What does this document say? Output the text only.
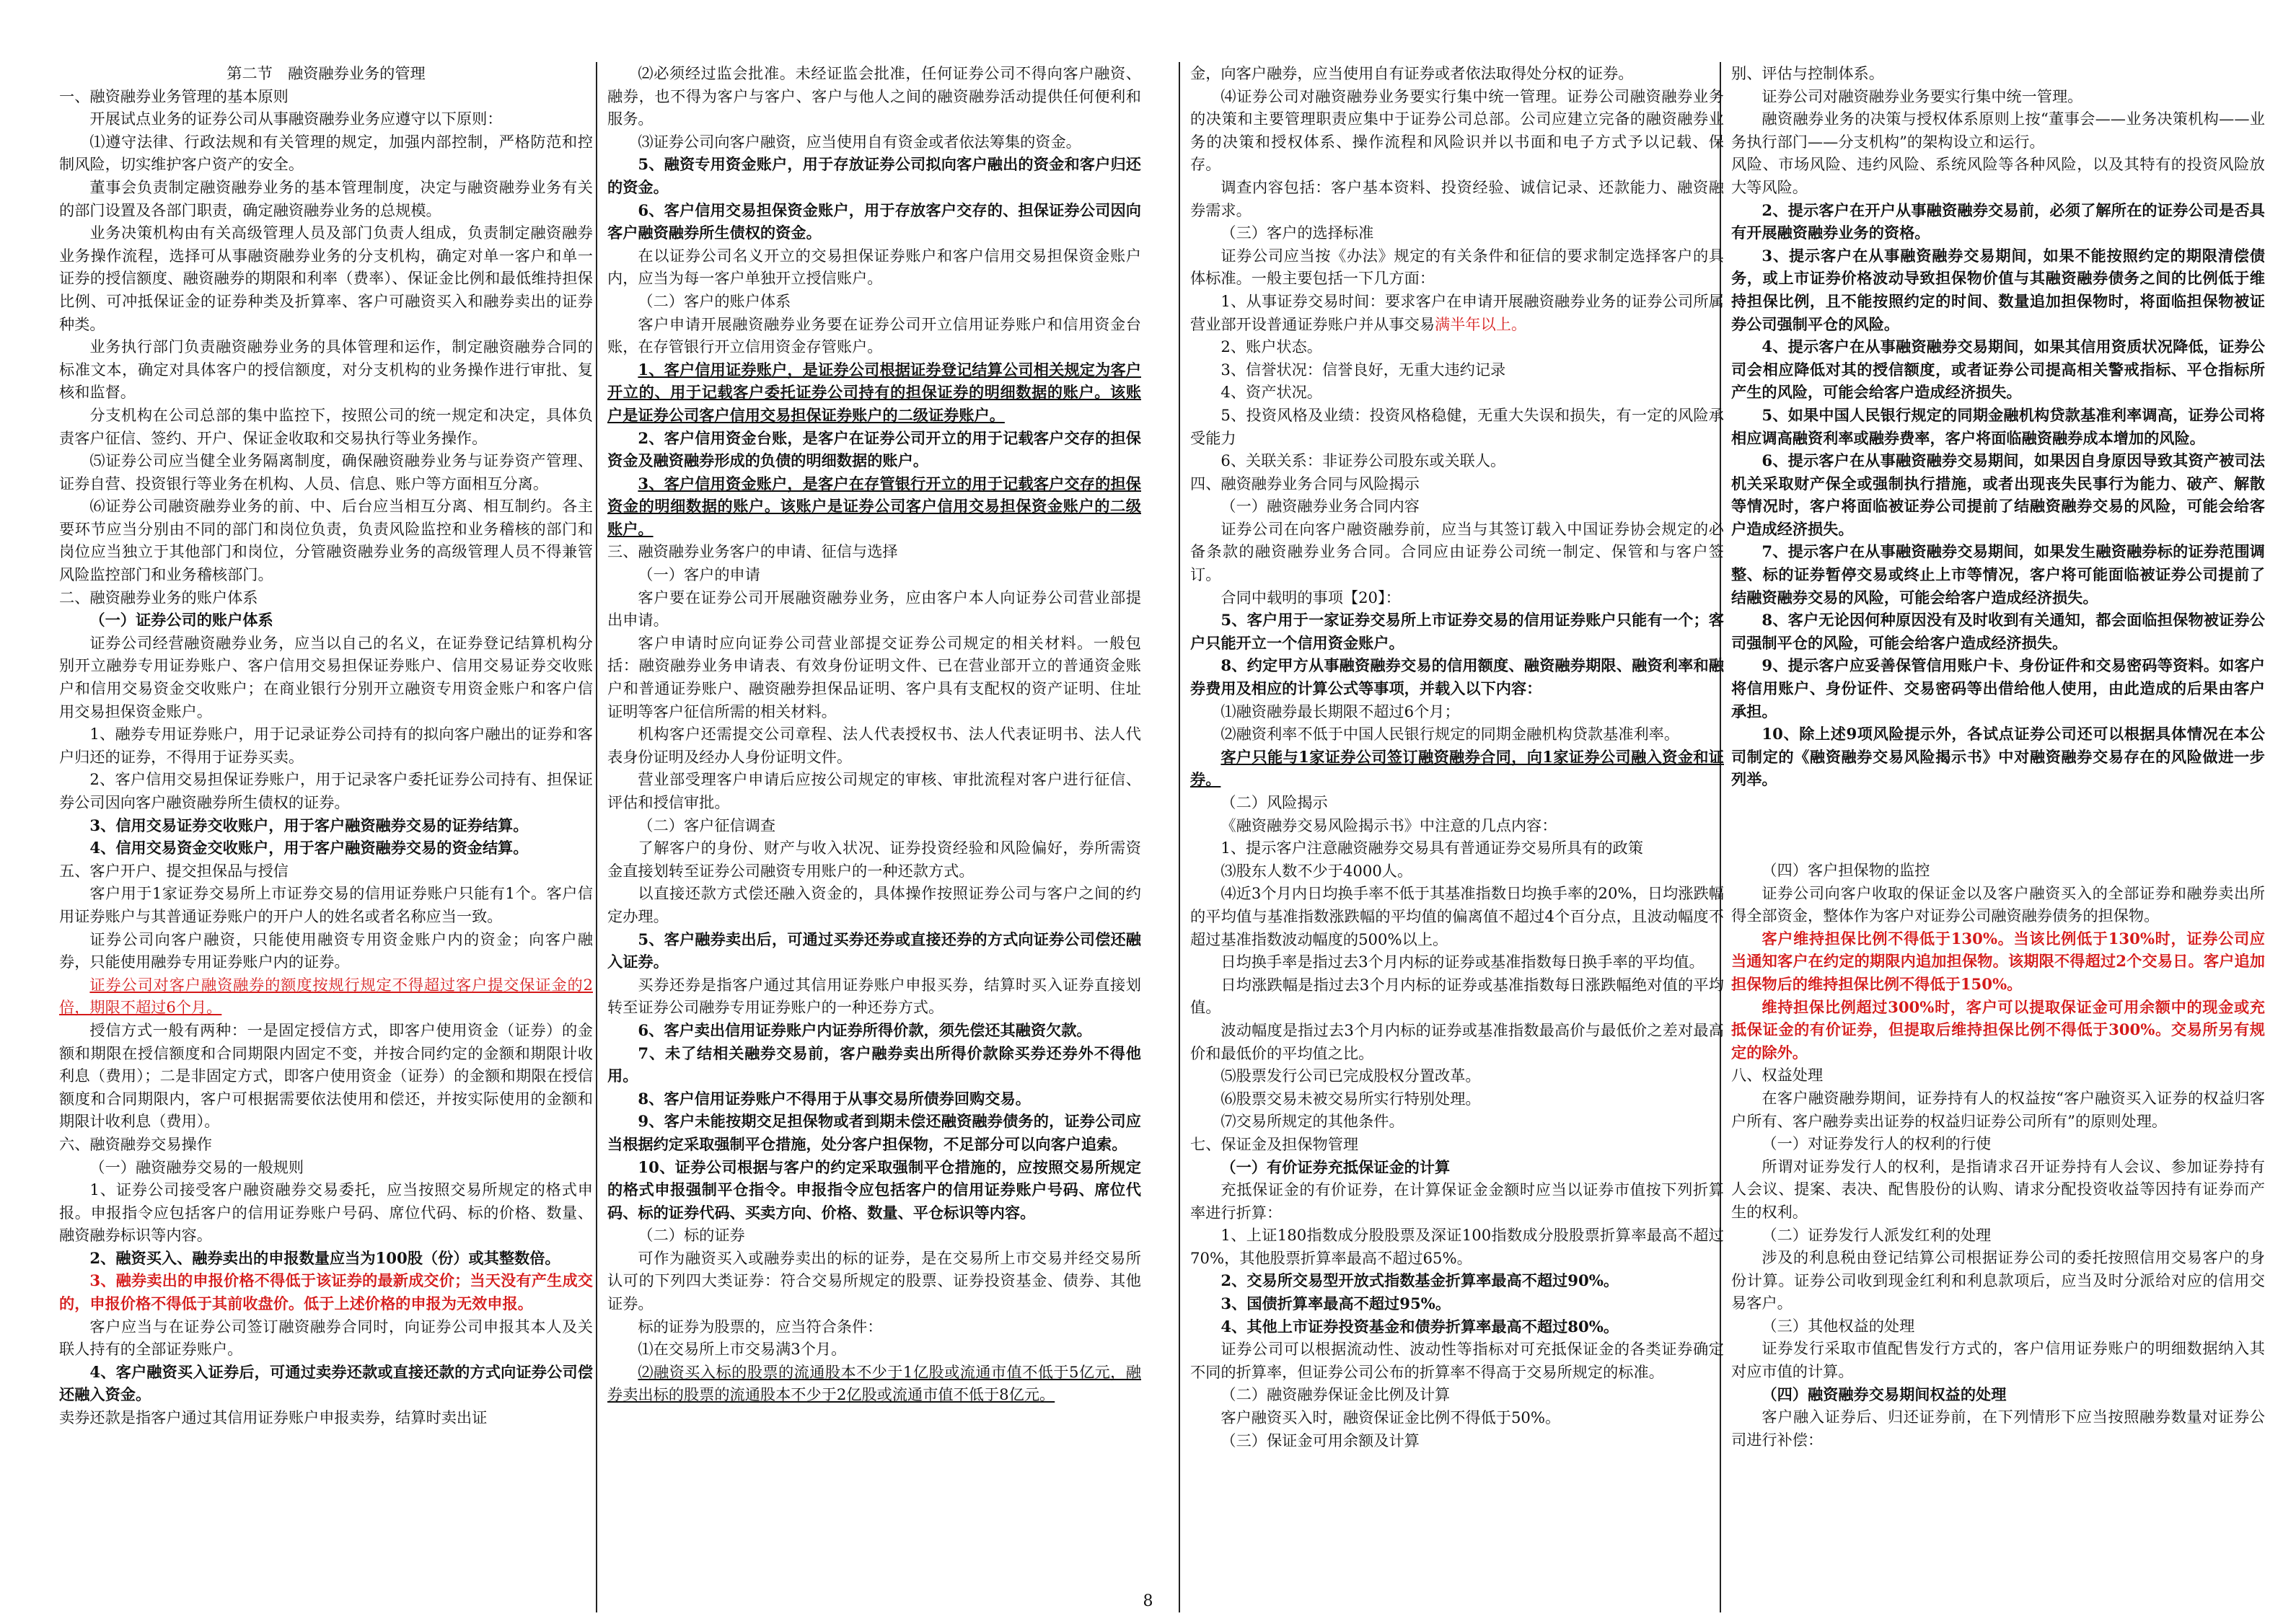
第二节　融资融券业务的管理

一、融资融券业务管理的基本原则

开展试点业务的证券公司从事融资融券业务应遵守以下原则：

⑴遵守法律、行政法规和有关管理的规定，加强内部控制，严格防范和控制风险，切实维护客户资产的安全。

董事会负责制定融资融券业务的基本管理制度，决定与融资融券业务有关的部门设置及各部门职责，确定融资融券业务的总规模。

业务决策机构由有关高级管理人员及部门负责人组成，负责制定融资融券业务操作流程，选择可从事融资融券业务的分支机构，确定对单一客户和单一证券的授信额度、融资融券的期限和利率（费率）、保证金比例和最低维持担保比例、可冲抵保证金的证券种类及折算率、客户可融资买入和融券卖出的证券种类。

业务执行部门负责融资融券业务的具体管理和运作，制定融资融券合同的标准文本，确定对具体客户的授信额度，对分支机构的业务操作进行审批、复核和监督。

分支机构在公司总部的集中监控下，按照公司的统一规定和决定，具体负责客户征信、签约、开户、保证金收取和交易执行等业务操作。

⑸证券公司应当健全业务隔离制度，确保融资融券业务与证券资产管理、证券自营、投资银行等业务在机构、人员、信息、账户等方面相互分离。

⑹证券公司融资融券业务的前、中、后台应当相互分离、相互制约。各主要环节应当分别由不同的部门和岗位负责，负责风险监控和业务稽核的部门和岗位应当独立于其他部门和岗位，分管融资融券业务的高级管理人员不得兼管风险监控部门和业务稽核部门。

二、融资融券业务的账户体系

（一）证券公司的账户体系

证券公司经营融资融券业务，应当以自己的名义，在证券登记结算机构分别开立融券专用证券账户、客户信用交易担保证券账户、信用交易证券交收账户和信用交易资金交收账户；在商业银行分别开立融资专用资金账户和客户信用交易担保资金账户。

1、融券专用证券账户，用于记录证券公司持有的拟向客户融出的证券和客户归还的证券，不得用于证券买卖。

2、客户信用交易担保证券账户，用于记录客户委托证券公司持有、担保证券公司因向客户融资融券所生债权的证券。

3、信用交易证券交收账户，用于客户融资融券交易的证券结算。

4、信用交易资金交收账户，用于客户融资融券交易的资金结算。

五、客户开户、提交担保品与授信

客户用于1家证券交易所上市证券交易的信用证券账户只能有1个。客户信用证券账户与其普通证券账户的开户人的姓名或者名称应当一致。

证券公司向客户融资，只能使用融资专用资金账户内的资金；向客户融券，只能使用融券专用证券账户内的证券。

证券公司对客户融资融券的额度按规行规定不得超过客户提交保证金的2倍，期限不超过6个月。

授信方式一般有两种：一是固定授信方式，即客户使用资金（证券）的金额和期限在授信额度和合同期限内固定不变，并按合同约定的金额和期限计收利息（费用）；二是非固定方式，即客户使用资金（证券）的金额和期限在授信额度和合同期限内，客户可根据需要依法使用和偿还，并按实际使用的金额和期限计收利息（费用）。

六、融资融券交易操作

（一）融资融券交易的一般规则

1、证券公司接受客户融资融券交易委托，应当按照交易所规定的格式申报。申报指令应包括客户的信用证券账户号码、席位代码、标的价格、数量、融资融券标识等内容。

2、融资买入、融券卖出的申报数量应当为100股（份）或其整数倍。

3、融券卖出的申报价格不得低于该证券的最新成交价；当天没有产生成交的，申报价格不得低于其前收盘价。低于上述价格的申报为无效申报。

客户应当与在证券公司签订融资融券合同时，向证券公司申报其本人及关联人持有的全部证券账户。

4、客户融资买入证券后，可通过卖券还款或直接还款的方式向证券公司偿还融入资金。

卖券还款是指客户通过其信用证券账户申报卖券，结算时卖出证

⑵必须经过监会批准。未经证监会批准，任何证券公司不得向客户融资、融券，也不得为客户与客户、客户与他人之间的融资融券活动提供任何便利和服务。

⑶证券公司向客户融资，应当使用自有资金或者依法筹集的资金。

5、融资专用资金账户，用于存放证券公司拟向客户融出的资金和客户归还的资金。

6、客户信用交易担保资金账户，用于存放客户交存的、担保证券公司因向客户融资融券所生债权的资金。

在以证券公司名义开立的交易担保证券账户和客户信用交易担保资金账户内，应当为每一客户单独开立授信账户。

（二）客户的账户体系

客户申请开展融资融券业务要在证券公司开立信用证券账户和信用资金台账，在存管银行开立信用资金存管账户。

1、客户信用证券账户，是证券公司根据证券登记结算公司相关规定为客户开立的、用于记载客户委托证券公司持有的担保证券的明细数据的账户。该账户是证券公司客户信用交易担保证券账户的二级证券账户。

2、客户信用资金台账，是客户在证券公司开立的用于记载客户交存的担保资金及融资融券形成的负债的明细数据的账户。

3、客户信用资金账户，是客户在存管银行开立的用于记载客户交存的担保资金的明细数据的账户。该账户是证券公司客户信用交易担保资金账户的二级账户。

三、融资融券业务客户的申请、征信与选择

（一）客户的申请

客户要在证券公司开展融资融券业务，应由客户本人向证券公司营业部提出申请。

客户申请时应向证券公司营业部提交证券公司规定的相关材料。一般包括：融资融券业务申请表、有效身份证明文件、已在营业部开立的普通资金账户和普通证券账户、融资融券担保品证明、客户具有支配权的资产证明、住址证明等客户征信所需的相关材料。

机构客户还需提交公司章程、法人代表授权书、法人代表证明书、法人代表身份证明及经办人身份证明文件。

营业部受理客户申请后应按公司规定的审核、审批流程对客户进行征信、评估和授信审批。

（二）客户征信调查

了解客户的身份、财产与收入状况、证券投资经验和风险偏好，券所需资金直接划转至证券公司融资专用账户的一种还款方式。

以直接还款方式偿还融入资金的，具体操作按照证券公司与客户之间的约定办理。

5、客户融券卖出后，可通过买券还券或直接还券的方式向证券公司偿还融入证券。

买券还券是指客户通过其信用证券账户申报买券，结算时买入证券直接划转至证券公司融券专用证券账户的一种还券方式。

6、客户卖出信用证券账户内证券所得价款，须先偿还其融资欠款。

7、未了结相关融券交易前，客户融券卖出所得价款除买券还券外不得他用。

8、客户信用证券账户不得用于从事交易所债券回购交易。

9、客户未能按期交足担保物或者到期未偿还融资融券债务的，证券公司应当根据约定采取强制平仓措施，处分客户担保物，不足部分可以向客户追索。

10、证券公司根据与客户的约定采取强制平仓措施的，应按照交易所规定的格式申报强制平仓指令。申报指令应包括客户的信用证券账户号码、席位代码、标的证券代码、买卖方向、价格、数量、平仓标识等内容。

（二）标的证券

可作为融资买入或融券卖出的标的证券，是在交易所上市交易并经交易所认可的下列四大类证券：符合交易所规定的股票、证券投资基金、债券、其他证券。

标的证券为股票的，应当符合条件：

⑴在交易所上市交易满3个月。

⑵融资买入标的股票的流通股本不少于1亿股或流通市值不低于5亿元，融券卖出标的股票的流通股本不少于2亿股或流通市值不低于8亿元。

金，向客户融券，应当使用自有证券或者依法取得处分权的证券。

⑷证券公司对融资融券业务要实行集中统一管理。证券公司融资融券业务的决策和主要管理职责应集中于证券公司总部。公司应建立完备的融资融券业务的决策和授权体系、操作流程和风险识并以书面和电子方式予以记载、保存。

调查内容包括：客户基本资料、投资经验、诚信记录、还款能力、融资融券需求。

（三）客户的选择标准

证券公司应当按《办法》规定的有关条件和征信的要求制定选择客户的具体标准。一般主要包括一下几方面：

1、从事证券交易时间：要求客户在申请开展融资融券业务的证券公司所属营业部开设普通证券账户并从事交易满半年以上。

2、账户状态。

3、信誉状况：信誉良好，无重大违约记录

4、资产状况。

5、投资风格及业绩：投资风格稳健，无重大失误和损失，有一定的风险承受能力

6、关联关系：非证券公司股东或关联人。

四、融资融券业务合同与风险揭示

（一）融资融券业务合同内容

证券公司在向客户融资融券前，应当与其签订载入中国证券协会规定的必备条款的融资融券业务合同。合同应由证券公司统一制定、保管和与客户签订。

合同中载明的事项【20】：

5、客户用于一家证券交易所上市证券交易的信用证券账户只能有一个；客户只能开立一个信用资金账户。

8、约定甲方从事融资融券交易的信用额度、融资融券期限、融资利率和融券费用及相应的计算公式等事项，并载入以下内容：

⑴融资融券最长期限不超过6个月；

⑵融资利率不低于中国人民银行规定的同期金融机构贷款基准利率。

客户只能与1家证券公司签订融资融券合同，向1家证券公司融入资金和证券。

（二）风险揭示

《融资融券交易风险揭示书》中注意的几点内容：

1、提示客户注意融资融券交易具有普通证券交易所具有的政策

⑶股东人数不少于4000人。

⑷近3个月内日均换手率不低于其基准指数日均换手率的20%，日均涨跌幅的平均值与基准指数涨跌幅的平均值的偏离值不超过4个百分点，且波动幅度不超过基准指数波动幅度的500%以上。

日均换手率是指过去3个月内标的证券或基准指数每日换手率的平均值。

日均涨跌幅是指过去3个月内标的证券或基准指数每日涨跌幅绝对值的平均值。

波动幅度是指过去3个月内标的证券或基准指数最高价与最低价之差对最高价和最低价的平均值之比。

⑸股票发行公司已完成股权分置改革。

⑹股票交易未被交易所实行特别处理。

⑺交易所规定的其他条件。

七、保证金及担保物管理

（一）有价证券充抵保证金的计算

充抵保证金的有价证券，在计算保证金金额时应当以证券市值按下列折算率进行折算：

1、上证180指数成分股股票及深证100指数成分股股票折算率最高不超过70%，其他股票折算率最高不超过65%。

2、交易所交易型开放式指数基金折算率最高不超过90%。

3、国债折算率最高不超过95%。

4、其他上市证券投资基金和债券折算率最高不超过80%。

证券公司可以根据流动性、波动性等指标对可充抵保证金的各类证券确定不同的折算率，但证券公司公布的折算率不得高于交易所规定的标准。

（二）融资融券保证金比例及计算

客户融资买入时，融资保证金比例不得低于50%。

（三）保证金可用余额及计算

别、评估与控制体系。

证券公司对融资融券业务要实行集中统一管理。

融资融券业务的决策与授权体系原则上按“董事会——业务决策机构——业务执行部门——分支机构”的架构设立和运行。

风险、市场风险、违约风险、系统风险等各种风险，以及其特有的投资风险放大等风险。

2、提示客户在开户从事融资融券交易前，必须了解所在的证券公司是否具有开展融资融券业务的资格。

3、提示客户在从事融资融券交易期间，如果不能按照约定的期限清偿债务，或上市证券价格波动导致担保物价值与其融资融券债务之间的比例低于维持担保比例，且不能按照约定的时间、数量追加担保物时，将面临担保物被证券公司强制平仓的风险。

4、提示客户在从事融资融券交易期间，如果其信用资质状况降低，证券公司会相应降低对其的授信额度，或者证券公司提高相关警戒指标、平仓指标所产生的风险，可能会给客户造成经济损失。

5、如果中国人民银行规定的同期金融机构贷款基准利率调高，证券公司将相应调高融资利率或融券费率，客户将面临融资融券成本增加的风险。

6、提示客户在从事融资融券交易期间，如果因自身原因导致其资产被司法机关采取财产保全或强制执行措施，或者出现丧失民事行为能力、破产、解散等情况时，客户将面临被证券公司提前了结融资融券交易的风险，可能会给客户造成经济损失。

7、提示客户在从事融资融券交易期间，如果发生融资融券标的证券范围调整、标的证券暂停交易或终止上市等情况，客户将可能面临被证券公司提前了结融资融券交易的风险，可能会给客户造成经济损失。

8、客户无论因何种原因没有及时收到有关通知，都会面临担保物被证券公司强制平仓的风险，可能会给客户造成经济损失。

9、提示客户应妥善保管信用账户卡、身份证件和交易密码等资料。如客户将信用账户、身份证件、交易密码等出借给他人使用，由此造成的后果由客户承担。

10、除上述9项风险提示外，各试点证券公司还可以根据具体情况在本公司制定的《融资融券交易风险揭示书》中对融资融券交易存在的风险做进一步列举。

（四）客户担保物的监控

证券公司向客户收取的保证金以及客户融资买入的全部证券和融券卖出所得全部资金，整体作为客户对证券公司融资融券债务的担保物。

客户维持担保比例不得低于130%。当该比例低于130%时，证券公司应当通知客户在约定的期限内追加担保物。该期限不得超过2个交易日。客户追加担保物后的维持担保比例不得低于150%。

维持担保比例超过300%时，客户可以提取保证金可用余额中的现金或充抵保证金的有价证券，但提取后维持担保比例不得低于300%。交易所另有规定的除外。

八、权益处理

在客户融资融券期间，证券持有人的权益按“客户融资买入证券的权益归客户所有、客户融券卖出证券的权益归证券公司所有”的原则处理。

（一）对证券发行人的权利的行使

所谓对证券发行人的权利，是指请求召开证券持有人会议、参加证券持有人会议、提案、表决、配售股份的认购、请求分配投资收益等因持有证券而产生的权利。

（二）证券发行人派发红利的处理

涉及的利息税由登记结算公司根据证券公司的委托按照信用交易客户的身份计算。证券公司收到现金红利和利息款项后，应当及时分派给对应的信用交易客户。

（三）其他权益的处理

证券发行采取市值配售发行方式的，客户信用证券账户的明细数据纳入其对应市值的计算。

（四）融资融券交易期间权益的处理

客户融入证券后、归还证券前，在下列情形下应当按照融券数量对证券公司进行补偿：

8
